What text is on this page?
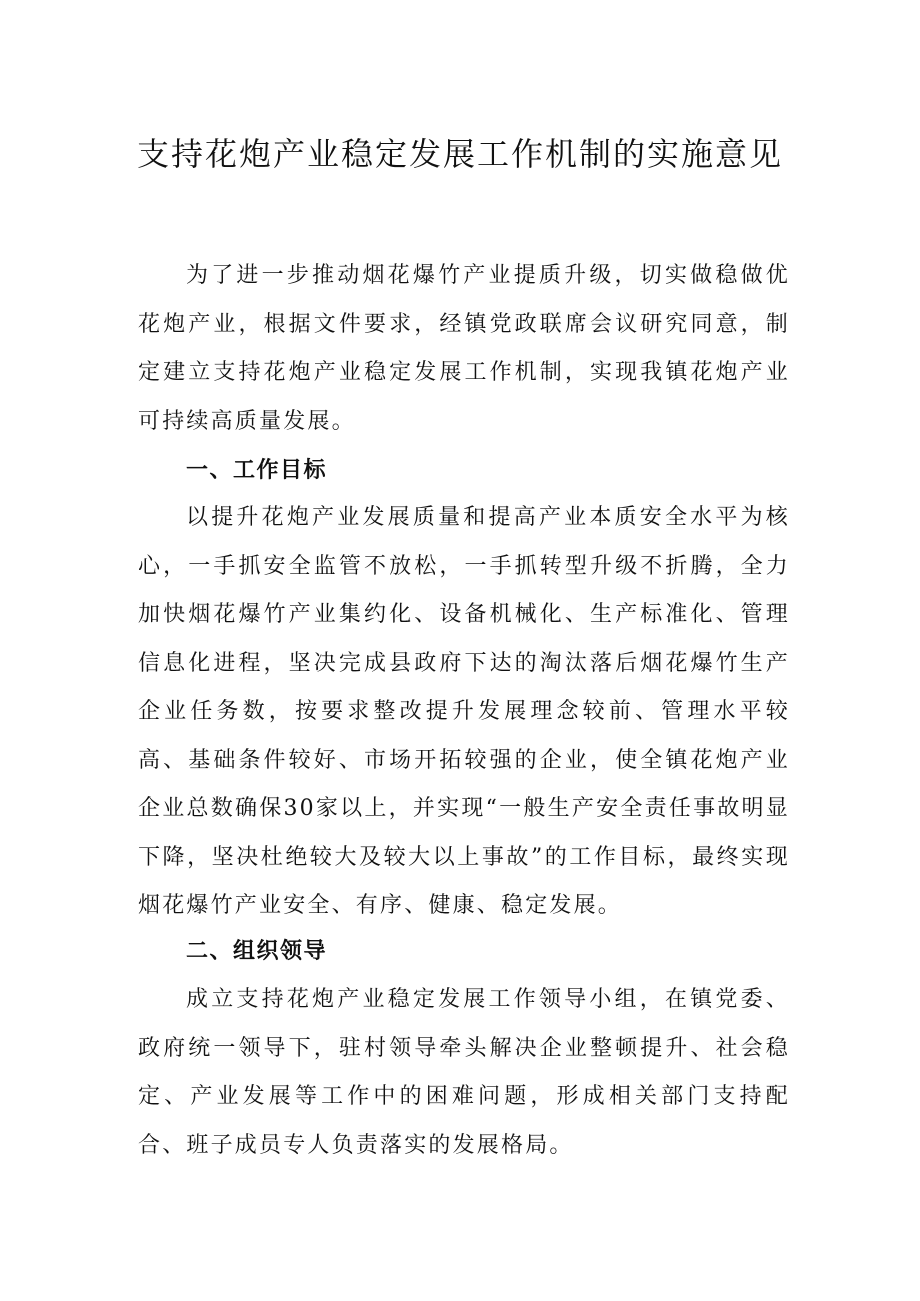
支持花炮产业稳定发展工作机制的实施意见

为了进一步推动烟花爆竹产业提质升级，切实做稳做优花炮产业，根据文件要求，经镇党政联席会议研究同意，制定建立支持花炮产业稳定发展工作机制，实现我镇花炮产业可持续高质量发展。

一、工作目标

以提升花炮产业发展质量和提高产业本质安全水平为核心，一手抓安全监管不放松，一手抓转型升级不折腾，全力加快烟花爆竹产业集约化、设备机械化、生产标准化、管理信息化进程，坚决完成县政府下达的淘汰落后烟花爆竹生产企业任务数，按要求整改提升发展理念较前、管理水平较高、基础条件较好、市场开拓较强的企业，使全镇花炮产业企业总数确保30家以上，并实现“一般生产安全责任事故明显下降，坚决杜绝较大及较大以上事故”的工作目标，最终实现烟花爆竹产业安全、有序、健康、稳定发展。

二、组织领导

成立支持花炮产业稳定发展工作领导小组，在镇党委、政府统一领导下，驻村领导牵头解决企业整顿提升、社会稳定、产业发展等工作中的困难问题，形成相关部门支持配合、班子成员专人负责落实的发展格局。
